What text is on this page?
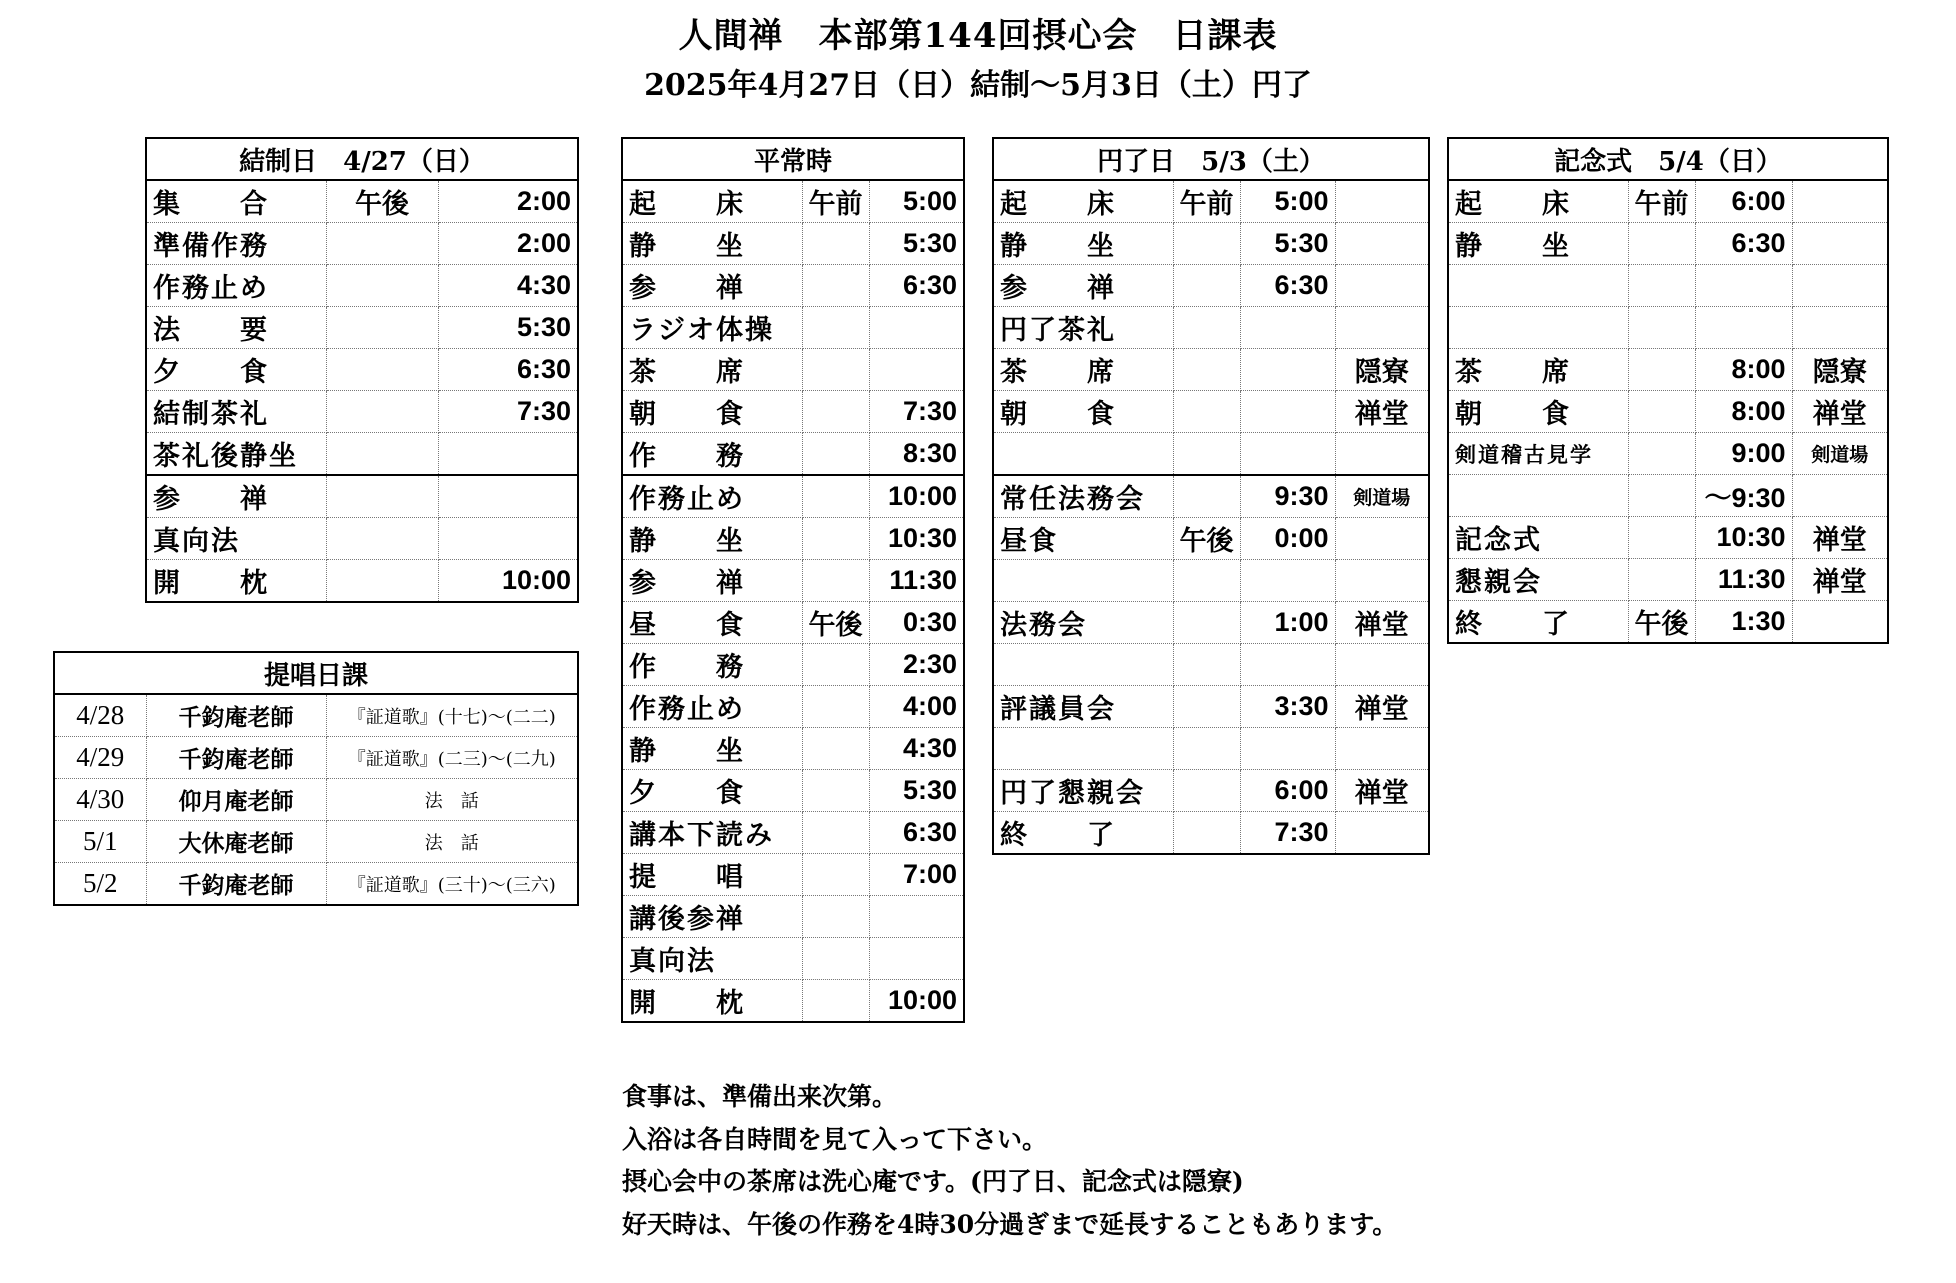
人間禅　本部第144回摂心会　日課表
2025年4月27日（日）結制～5月3日（土）円了
結制日　4/27（日）		
集　　合	午後	2:00
準備作務		2:00
作務止め		4:30
法　　要		5:30
夕　　食		6:30
結制茶礼		7:30
茶礼後静坐		
参　　禅		
真向法		
開　　枕		10:00
平常時		
起　　床	午前	5:00
静　　坐		5:30
参　　禅		6:30
ラジオ体操		
茶　　席		
朝　　食		7:30
作　　務		8:30
作務止め		10:00
静　　坐		10:30
参　　禅		11:30
昼　　食	午後	0:30
作　　務		2:30
作務止め		4:00
静　　坐		4:30
夕　　食		5:30
講本下読み		6:30
提　　唱		7:00
講後参禅		
真向法		
開　　枕		10:00
円了日　5/3（土）			
起　　床	午前	5:00	
静　　坐		5:30	
参　　禅		6:30	
円了茶礼			
茶　　席			隠寮
朝　　食			禅堂

常任法務会		9:30	剣道場
昼食	午後	0:00	

法務会		1:00	禅堂

評議員会		3:30	禅堂

円了懇親会		6:00	禅堂
終　　了		7:30	
記念式　5/4（日）			
起　　床	午前	6:00	
静　　坐		6:30	

茶　　席		8:00	隠寮
朝　　食		8:00	禅堂
剣道稽古見学		9:00	剣道場
		～9:30	
記念式		10:30	禅堂
懇親会		11:30	禅堂
終　　了	午後	1:30	
提唱日課		
4/28	千鈞庵老師	『証道歌』(十七)～(二二)
4/29	千鈞庵老師	『証道歌』(二三)～(二九)
4/30	仰月庵老師	法　話
5/1	大休庵老師	法　話
5/2	千鈞庵老師	『証道歌』(三十)～(三六)
食事は、準備出来次第。
入浴は各自時間を見て入って下さい。
摂心会中の茶席は洗心庵です。(円了日、記念式は隠寮)
好天時は、午後の作務を4時30分過ぎまで延長することもあります。
